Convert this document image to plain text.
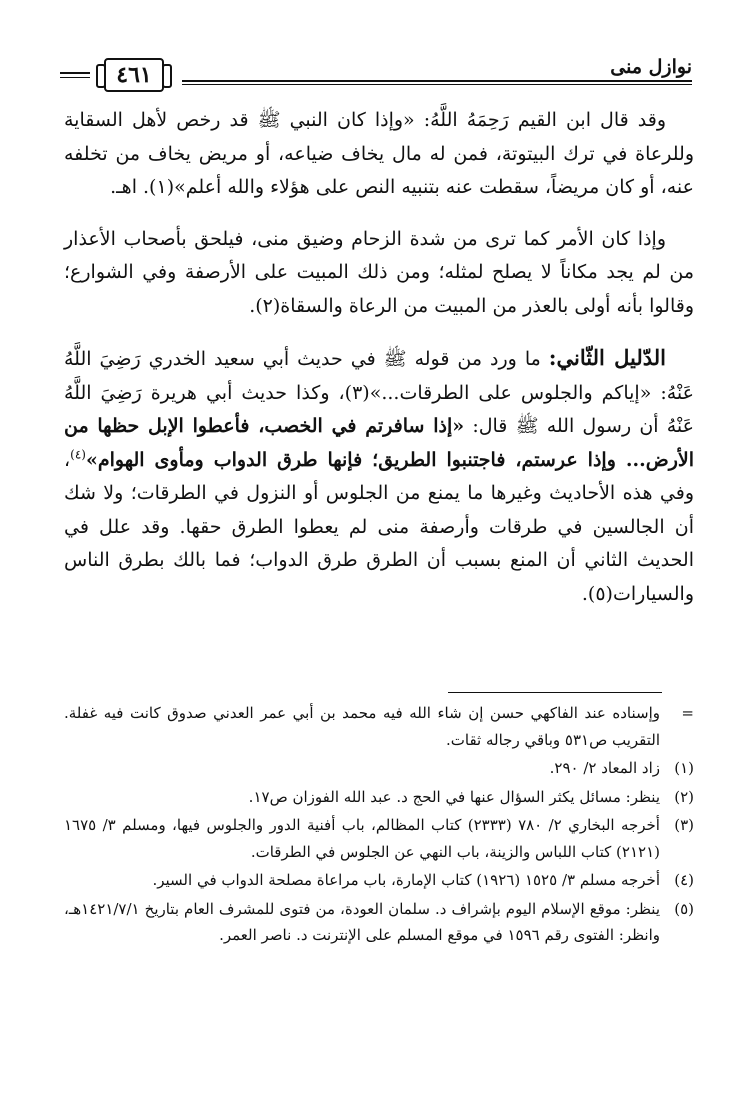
نوازل منى
٤٦١

وقد قال ابن القيم رَحِمَهُ اللَّهُ: «وإذا كان النبي ﷺ قد رخص لأهل السقاية وللرعاة في ترك البيتوتة، فمن له مال يخاف ضياعه، أو مريض يخاف من تخلفه عنه، أو كان مريضاً، سقطت عنه بتنبيه النص على هؤلاء والله أعلم»(١). اهـ.

وإذا كان الأمر كما ترى من شدة الزحام وضيق منى، فيلحق بأصحاب الأعذار من لم يجد مكاناً لا يصلح لمثله؛ ومن ذلك المبيت على الأرصفة وفي الشوارع؛ وقالوا بأنه أولى بالعذر من المبيت من الرعاة والسقاة(٢).

الدّليل الثّاني: ما ورد من قوله ﷺ في حديث أبي سعيد الخدري رَضِيَ اللَّهُ عَنْهُ: «إياكم والجلوس على الطرقات...»(٣)، وكذا حديث أبي هريرة رَضِيَ اللَّهُ عَنْهُ أن رسول الله ﷺ قال: «إذا سافرتم في الخصب، فأعطوا الإبل حظها من الأرض... وإذا عرستم، فاجتنبوا الطريق؛ فإنها طرق الدواب ومأوى الهوام»$^{(٤)}$، وفي هذه الأحاديث وغيرها ما يمنع من الجلوس أو النزول في الطرقات؛ ولا شك أن الجالسين في طرقات وأرصفة منى لم يعطوا الطرق حقها. وقد علل في الحديث الثاني أن المنع بسبب أن الطرق طرق الدواب؛ فما بالك بطرق الناس والسيارات(٥).

=
وإسناده عند الفاكهي حسن إن شاء الله فيه محمد بن أبي عمر العدني صدوق كانت فيه غفلة. التقريب ص٥٣١ وباقي رجاله ثقات.
(١)
زاد المعاد ٢/ ٢٩٠.
(٢)
ينظر: مسائل يكثر السؤال عنها في الحج د. عبد الله الفوزان ص١٧.
(٣)
أخرجه البخاري ٢/ ٧٨٠ (٢٣٣٣) كتاب المظالم، باب أفنية الدور والجلوس فيها، ومسلم ٣/ ١٦٧٥ (٢١٢١) كتاب اللباس والزينة، باب النهي عن الجلوس في الطرقات.
(٤)
أخرجه مسلم ٣/ ١٥٢٥ (١٩٢٦) كتاب الإمارة، باب مراعاة مصلحة الدواب في السير.
(٥)
ينظر: موقع الإسلام اليوم بإشراف د. سلمان العودة، من فتوى للمشرف العام بتاريخ ١٤٢١/٧/١هـ، وانظر: الفتوى رقم ١٥٩٦ في موقع المسلم على الإنترنت د. ناصر العمر.
